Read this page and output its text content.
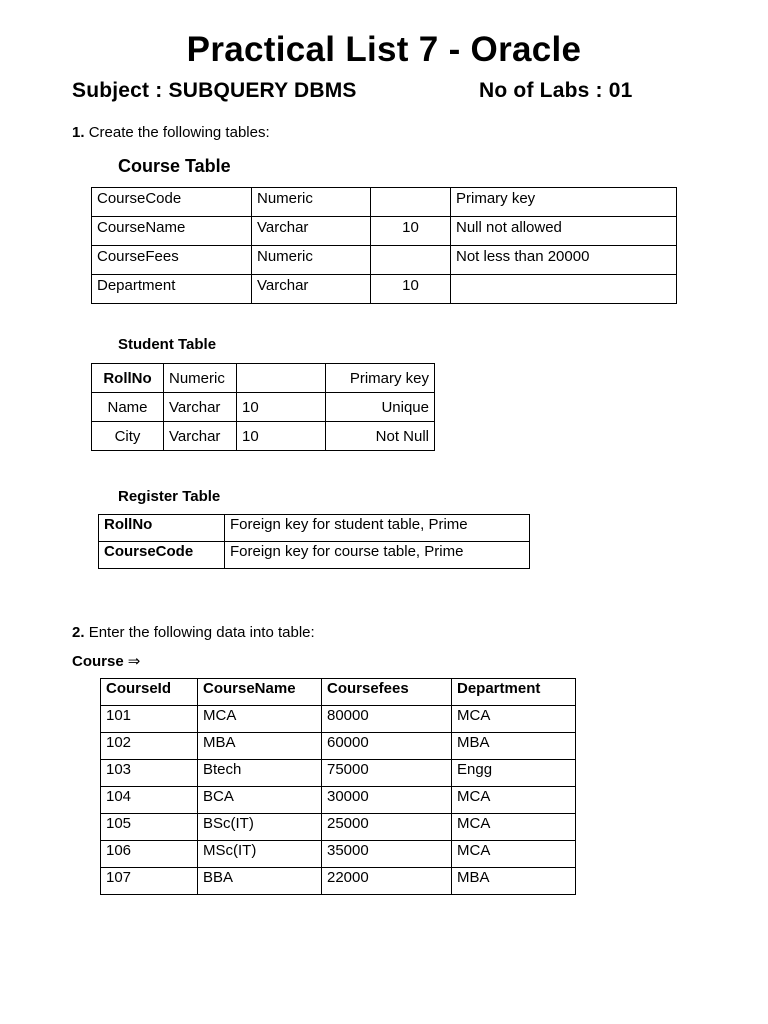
Practical List 7 - Oracle
Subject : SUBQUERY DBMS	No of Labs : 01
1. Create the following tables:
Course Table
CourseCode	Numeric		Primary key
CourseName	Varchar	10	Null not allowed
CourseFees	Numeric		Not less than 20000
Department	Varchar	10	
Student Table
RollNo	Numeric		Primary key
Name	Varchar	10	Unique
City	Varchar	10	Not Null
Register Table
RollNo	Foreign key for student table, Prime
CourseCode	Foreign key for course table, Prime
2. Enter the following data into table:
Course ⇒
CourseId	CourseName	Coursefees	Department
101	MCA	80000	MCA
102	MBA	60000	MBA
103	Btech	75000	Engg
104	BCA	30000	MCA
105	BSc(IT)	25000	MCA
106	MSc(IT)	35000	MCA
107	BBA	22000	MBA
